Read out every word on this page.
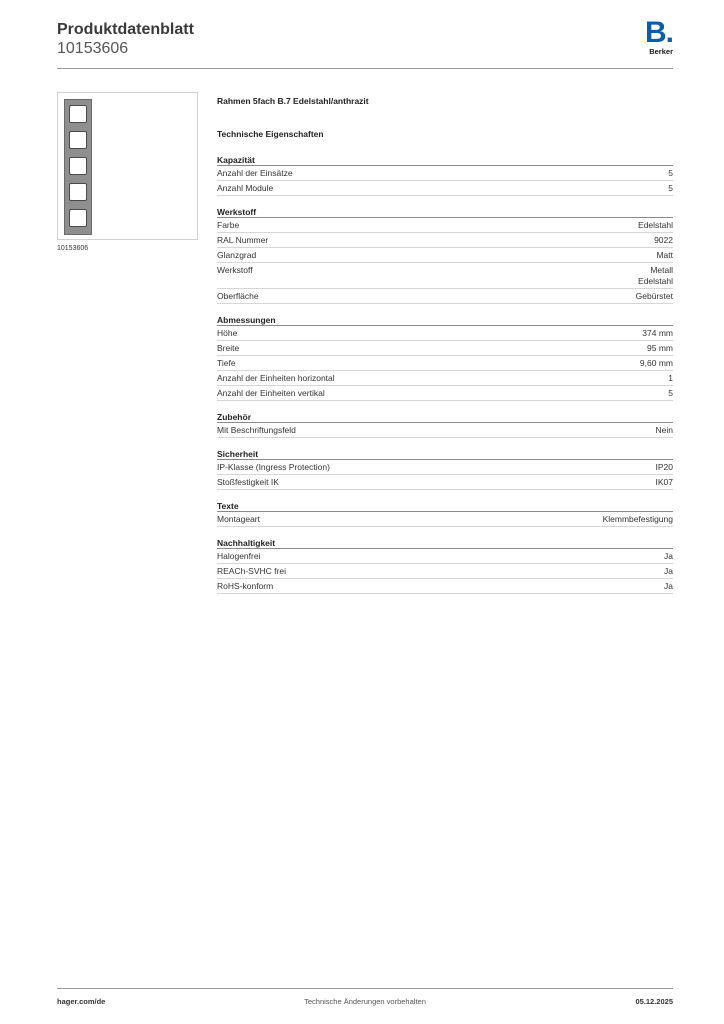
Produktdatenblatt
10153606	B.
Berker
10153606
Rahmen 5fach B.7 Edelstahl/anthrazit
Technische Eigenschaften
Kapazität
Anzahl der Einsätze	5
Anzahl Module	5
Werkstoff
Farbe	Edelstahl
RAL Nummer	9022
Glanzgrad	Matt
Werkstoff	Metall
Edelstahl
Oberfläche	Gebürstet
Abmessungen
Höhe	374 mm
Breite	95 mm
Tiefe	9,60 mm
Anzahl der Einheiten horizontal	1
Anzahl der Einheiten vertikal	5
Zubehör
Mit Beschriftungsfeld	Nein
Sicherheit
IP-Klasse (Ingress Protection)	IP20
Stoßfestigkeit IK	IK07
Texte
Montageart	Klemmbefestigung
Nachhaltigkeit
Halogenfrei	Ja
REACh-SVHC frei	Ja
RoHS-konform	Ja
hager.com/de	Technische Änderungen vorbehalten	05.12.2025
